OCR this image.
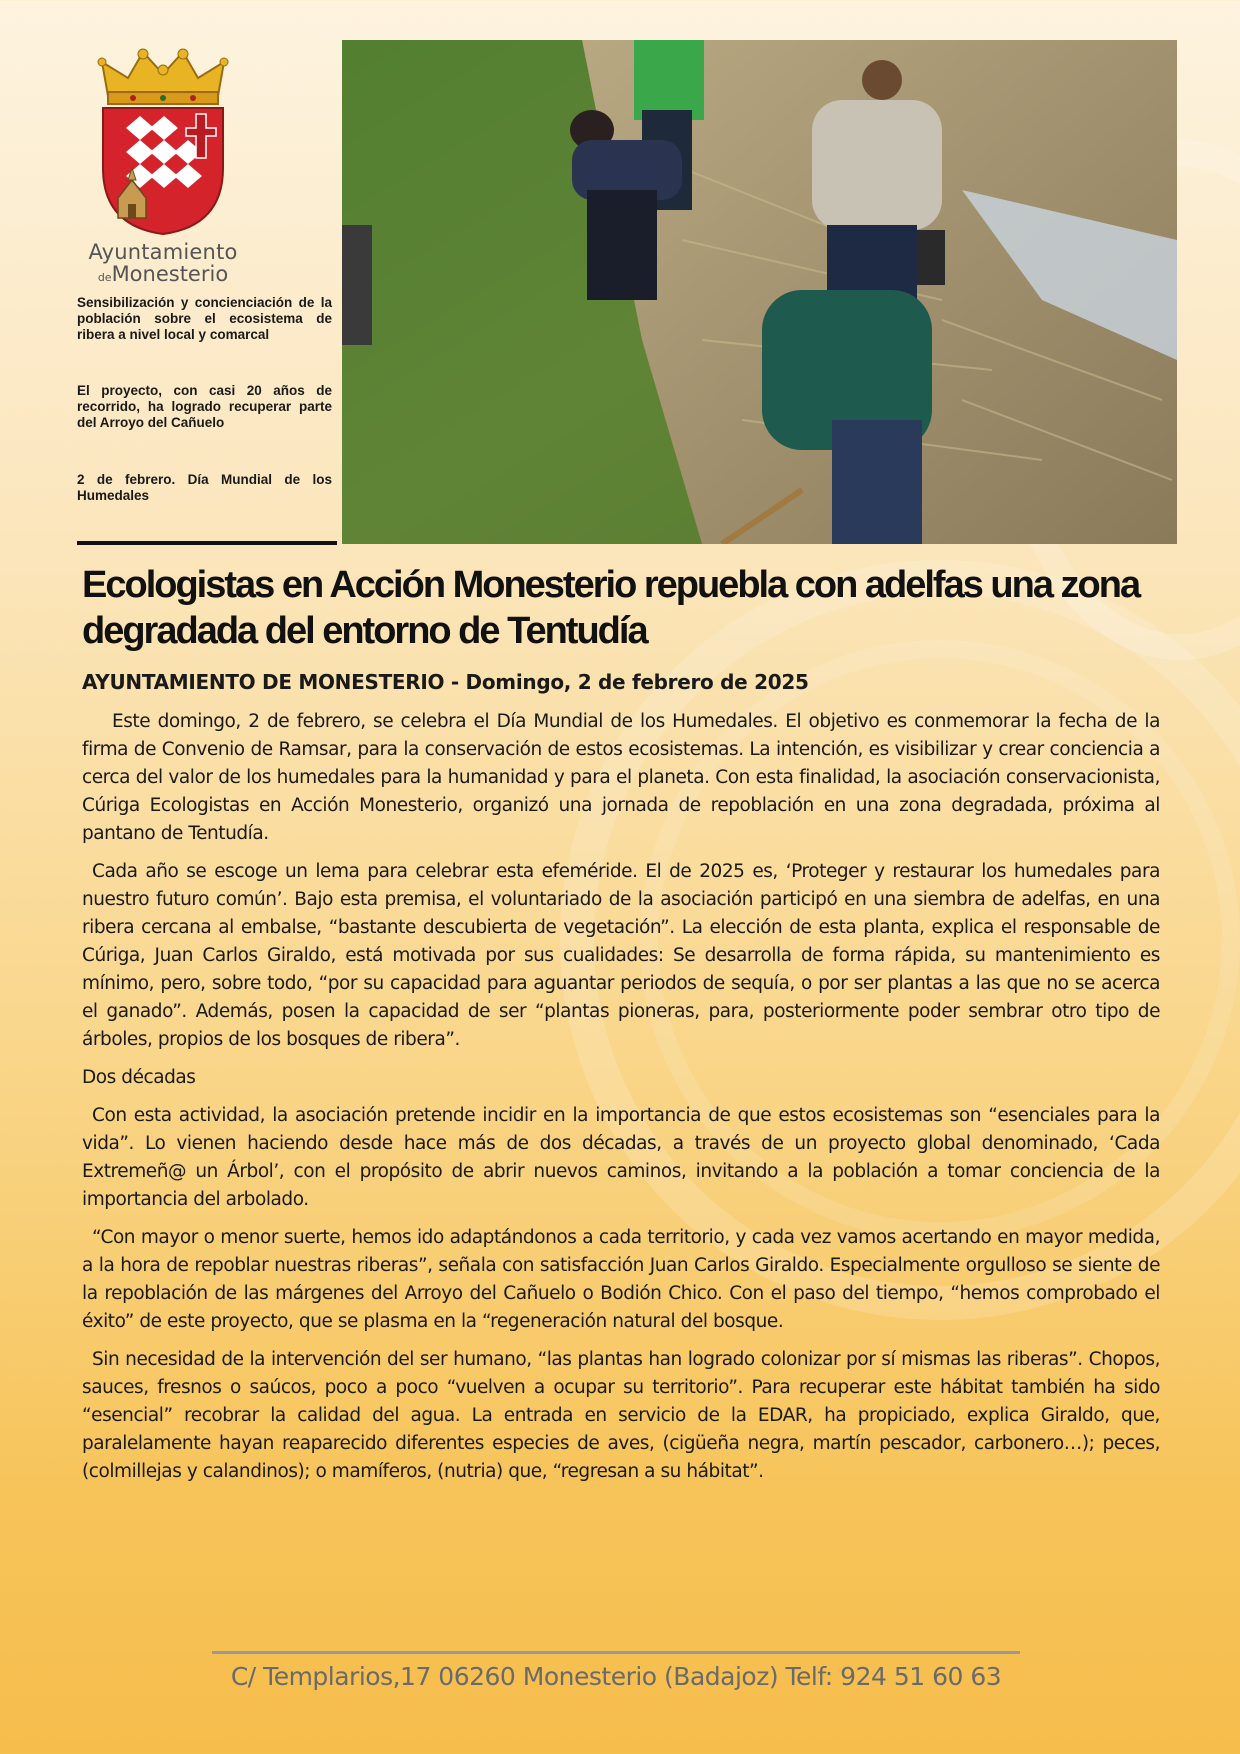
Ayuntamiento
deMonesterio
Sensibilización y concienciación de la población sobre el ecosistema de ribera a nivel local y comarcal
El proyecto, con casi 20 años de recorrido, ha logrado recuperar parte del Arroyo del Cañuelo
2 de febrero. Día Mundial de los Humedales
Ecologistas en Acción Monesterio repuebla con adelfas una zona degradada del entorno de Tentudía
AYUNTAMIENTO DE MONESTERIO - Domingo, 2 de febrero de 2025

Este domingo, 2 de febrero, se celebra el Día Mundial de los Humedales. El objetivo es conmemorar la fecha de la firma de Convenio de Ramsar, para la conservación de estos ecosistemas. La intención, es visibilizar y crear conciencia a cerca del valor de los humedales para la humanidad y para el planeta. Con esta finalidad, la asociación conservacionista, Cúriga Ecologistas en Acción Monesterio, organizó una jornada de repoblación en una zona degradada, próxima al pantano de Tentudía.

Cada año se escoge un lema para celebrar esta efeméride. El de 2025 es, ‘Proteger y restaurar los humedales para nuestro futuro común’. Bajo esta premisa, el voluntariado de la asociación participó en una siembra de adelfas, en una ribera cercana al embalse, “bastante descubierta de vegetación”. La elección de esta planta, explica el responsable de Cúriga, Juan Carlos Giraldo, está motivada por sus cualidades: Se desarrolla de forma rápida, su mantenimiento es mínimo, pero, sobre todo, “por su capacidad para aguantar periodos de sequía, o por ser plantas a las que no se acerca el ganado”. Además, posen la capacidad de ser “plantas pioneras, para, posteriormente poder sembrar otro tipo de árboles, propios de los bosques de ribera”.

Dos décadas

Con esta actividad, la asociación pretende incidir en la importancia de que estos ecosistemas son “esenciales para la vida”. Lo vienen haciendo desde hace más de dos décadas, a través de un proyecto global denominado, ‘Cada Extremeñ@ un Árbol’, con el propósito de abrir nuevos caminos, invitando a la población a tomar conciencia de la importancia del arbolado.

“Con mayor o menor suerte, hemos ido adaptándonos a cada territorio, y cada vez vamos acertando en mayor medida, a la hora de repoblar nuestras riberas”, señala con satisfacción Juan Carlos Giraldo. Especialmente orgulloso se siente de la repoblación de las márgenes del Arroyo del Cañuelo o Bodión Chico. Con el paso del tiempo, “hemos comprobado el éxito” de este proyecto, que se plasma en la “regeneración natural del bosque.

Sin necesidad de la intervención del ser humano, “las plantas han logrado colonizar por sí mismas las riberas”. Chopos, sauces, fresnos o saúcos, poco a poco “vuelven a ocupar su territorio”. Para recuperar este hábitat también ha sido “esencial” recobrar la calidad del agua. La entrada en servicio de la EDAR, ha propiciado, explica Giraldo, que, paralelamente hayan reaparecido diferentes especies de aves, (cigüeña negra, martín pescador, carbonero…); peces, (colmillejas y calandinos); o mamíferos, (nutria) que, “regresan a su hábitat”.

C/ Templarios,17 06260 Monesterio (Badajoz) Telf: 924 51 60 63
